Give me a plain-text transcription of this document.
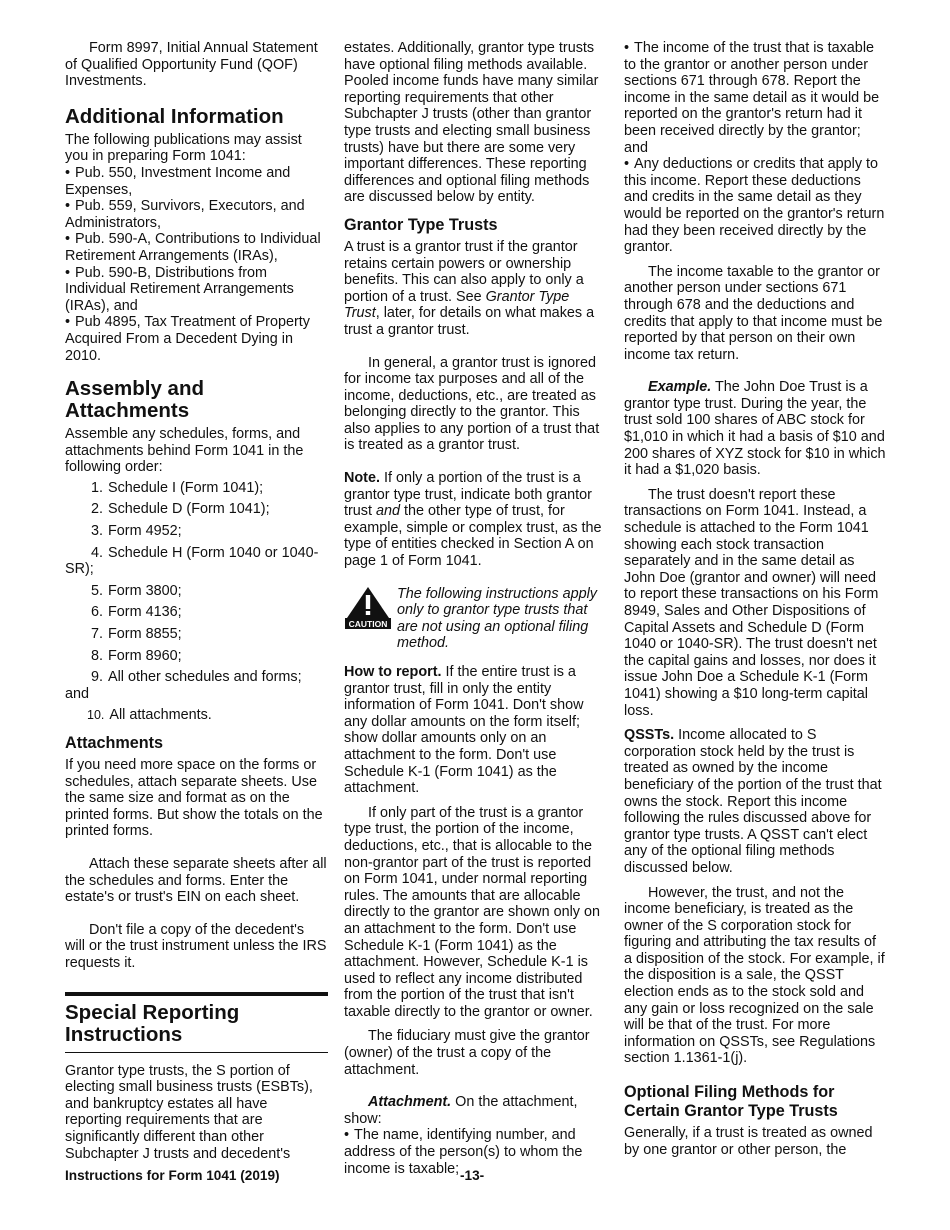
Form 8997, Initial Annual Statement of Qualified Opportunity Fund (QOF) Investments.

Additional Information

The following publications may assist you in preparing Form 1041:

• Pub. 550, Investment Income and Expenses,

• Pub. 559, Survivors, Executors, and Administrators,

• Pub. 590-A, Contributions to Individual Retirement Arrangements (IRAs),

• Pub. 590-B, Distributions from Individual Retirement Arrangements (IRAs), and

• Pub 4895, Tax Treatment of Property Acquired From a Decedent Dying in 2010.

Assembly and Attachments

Assemble any schedules, forms, and attachments behind Form 1041 in the following order:

1. Schedule I (Form 1041);
2. Schedule D (Form 1041);
3. Form 4952;
4. Schedule H (Form 1040 or 1040-SR);
5. Form 3800;
6. Form 4136;
7. Form 8855;
8. Form 8960;
9. All other schedules and forms; and
10. All attachments.
Attachments

If you need more space on the forms or schedules, attach separate sheets. Use the same size and format as on the printed forms. But show the totals on the printed forms.

Attach these separate sheets after all the schedules and forms. Enter the estate's or trust's EIN on each sheet.

Don't file a copy of the decedent's will or the trust instrument unless the IRS requests it.

Special Reporting Instructions

Grantor type trusts, the S portion of electing small business trusts (ESBTs), and bankruptcy estates all have reporting requirements that are significantly different than other Subchapter J trusts and decedent's

estates. Additionally, grantor type trusts have optional filing methods available. Pooled income funds have many similar reporting requirements that other Subchapter J trusts (other than grantor type trusts and electing small business trusts) have but there are some very important differences. These reporting differences and optional filing methods are discussed below by entity.

Grantor Type Trusts

A trust is a grantor trust if the grantor retains certain powers or ownership benefits. This can also apply to only a portion of a trust. See Grantor Type Trust, later, for details on what makes a trust a grantor trust.

In general, a grantor trust is ignored for income tax purposes and all of the income, deductions, etc., are treated as belonging directly to the grantor. This also applies to any portion of a trust that is treated as a grantor trust.

Note. If only a portion of the trust is a grantor type trust, indicate both grantor trust and the other type of trust, for example, simple or complex trust, as the type of entities checked in Section A on page 1 of Form 1041.

CAUTION
The following instructions apply only to grantor type trusts that are not using an optional filing method.

How to report. If the entire trust is a grantor trust, fill in only the entity information of Form 1041. Don't show any dollar amounts on the form itself; show dollar amounts only on an attachment to the form. Don't use Schedule K-1 (Form 1041) as the attachment.

If only part of the trust is a grantor type trust, the portion of the income, deductions, etc., that is allocable to the non-grantor part of the trust is reported on Form 1041, under normal reporting rules. The amounts that are allocable directly to the grantor are shown only on an attachment to the form. Don't use Schedule K-1 (Form 1041) as the attachment. However, Schedule K-1 is used to reflect any income distributed from the portion of the trust that isn't taxable directly to the grantor or owner.

The fiduciary must give the grantor (owner) of the trust a copy of the attachment.

Attachment. On the attachment, show:

• The name, identifying number, and address of the person(s) to whom the income is taxable;

• The income of the trust that is taxable to the grantor or another person under sections 671 through 678. Report the income in the same detail as it would be reported on the grantor's return had it been received directly by the grantor; and

• Any deductions or credits that apply to this income. Report these deductions and credits in the same detail as they would be reported on the grantor's return had they been received directly by the grantor.

The income taxable to the grantor or another person under sections 671 through 678 and the deductions and credits that apply to that income must be reported by that person on their own income tax return.

Example. The John Doe Trust is a grantor type trust. During the year, the trust sold 100 shares of ABC stock for $1,010 in which it had a basis of $10 and 200 shares of XYZ stock for $10 in which it had a $1,020 basis.

The trust doesn't report these transactions on Form 1041. Instead, a schedule is attached to the Form 1041 showing each stock transaction separately and in the same detail as John Doe (grantor and owner) will need to report these transactions on his Form 8949, Sales and Other Dispositions of Capital Assets and Schedule D (Form 1040 or 1040-SR). The trust doesn't net the capital gains and losses, nor does it issue John Doe a Schedule K-1 (Form 1041) showing a $10 long-term capital loss.

QSSTs. Income allocated to S corporation stock held by the trust is treated as owned by the income beneficiary of the portion of the trust that owns the stock. Report this income following the rules discussed above for grantor type trusts. A QSST can't elect any of the optional filing methods discussed below.

However, the trust, and not the income beneficiary, is treated as the owner of the S corporation stock for figuring and attributing the tax results of a disposition of the stock. For example, if the disposition is a sale, the QSST election ends as to the stock sold and any gain or loss recognized on the sale will be that of the trust. For more information on QSSTs, see Regulations section 1.1361-1(j).

Optional Filing Methods for Certain Grantor Type Trusts

Generally, if a trust is treated as owned by one grantor or other person, the

Instructions for Form 1041 (2019)	-13-
